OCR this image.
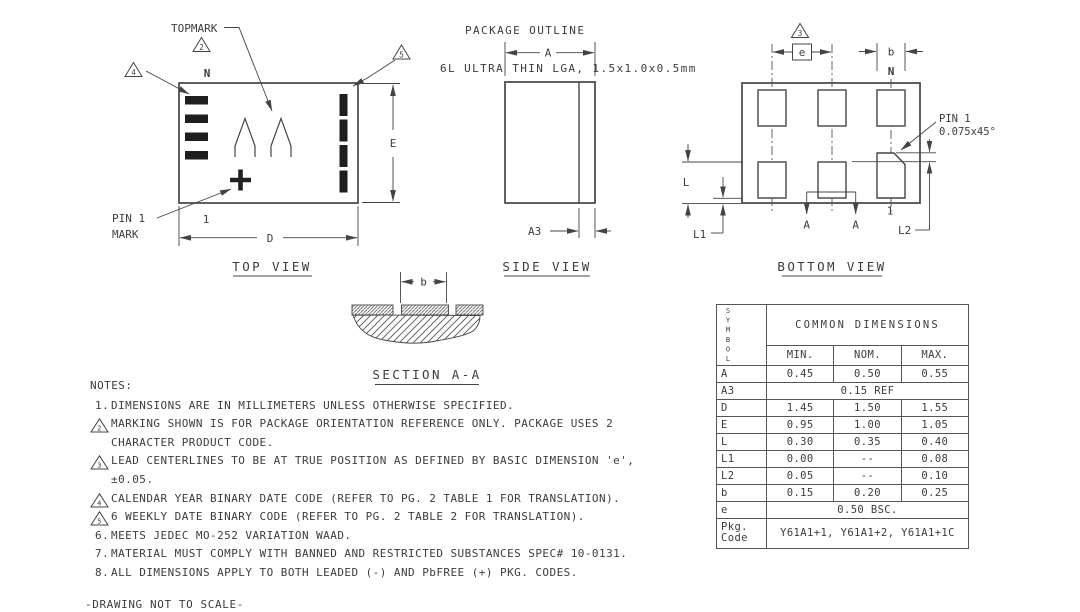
N
1
TOPMARK
PIN 1
MARK
2
4
5
E
D
TOP VIEW
A
A3
SIDE VIEW
3
e	b
N
1
PIN 1
0.075x45°
L
L1	L2
A	A
BOTTOM VIEW
b
SECTION A-A

PACKAGE OUTLINE

6L ULTRA THIN LGA, 1.5x1.0x0.5mm

SYMBOL	COMMON DIMENSIONS		
	MIN.	NOM.	MAX.
A	0.45	0.50	0.55
A3	0.15 REF		
D	1.45	1.50	1.55
E	0.95	1.00	1.05
L	0.30	0.35	0.40
L1	0.00	--	0.08
L2	0.05	--	0.10
b	0.15	0.20	0.25
e	0.50 BSC.		
Pkg. Code	Y61A1+1, Y61A1+2, Y61A1+1C		
NOTES:
1. DIMENSIONS ARE IN MILLIMETERS UNLESS OTHERWISE SPECIFIED.
2 MARKING SHOWN IS FOR PACKAGE ORIENTATION REFERENCE ONLY. PACKAGE USES 2
CHARACTER PRODUCT CODE.
3 LEAD CENTERLINES TO BE AT TRUE POSITION AS DEFINED BY BASIC DIMENSION 'e',
±0.05.
4 CALENDAR YEAR BINARY DATE CODE (REFER TO PG. 2 TABLE 1 FOR TRANSLATION).
5 6 WEEKLY DATE BINARY CODE (REFER TO PG. 2 TABLE 2 FOR TRANSLATION).
6. MEETS JEDEC MO-252 VARIATION WAAD.
7. MATERIAL MUST COMPLY WITH BANNED AND RESTRICTED SUBSTANCES SPEC# 10-0131.
8. ALL DIMENSIONS APPLY TO BOTH LEADED (-) AND PbFREE (+) PKG. CODES.
-DRAWING NOT TO SCALE-
